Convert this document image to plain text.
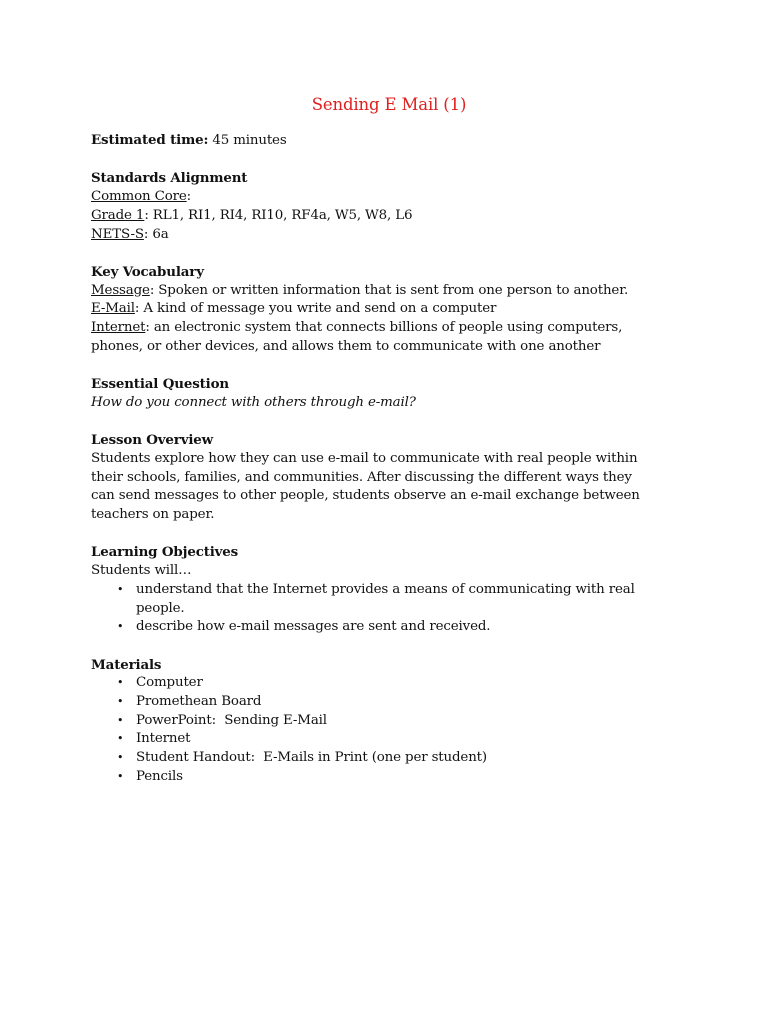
Sending E Mail (1)
Estimated time: 45 minutes
Standards Alignment
Common Core:
Grade 1: RL1, RI1, RI4, RI10, RF4a, W5, W8, L6
NETS-S: 6a
Key Vocabulary
Message: Spoken or written information that is sent from one person to another.
E-Mail: A kind of message you write and send on a computer
Internet: an electronic system that connects billions of people using computers,
phones, or other devices, and allows them to communicate with one another
Essential Question
How do you connect with others through e-mail?
Lesson Overview
Students explore how they can use e-mail to communicate with real people within
their schools, families, and communities. After discussing the different ways they
can send messages to other people, students observe an e-mail exchange between
teachers on paper.
Learning Objectives
Students will…
• understand that the Internet provides a means of communicating with real
people.
• describe how e-mail messages are sent and received.
Materials
• Computer
• Promethean Board
• PowerPoint:  Sending E-Mail
• Internet
• Student Handout:  E-Mails in Print (one per student)
• Pencils
